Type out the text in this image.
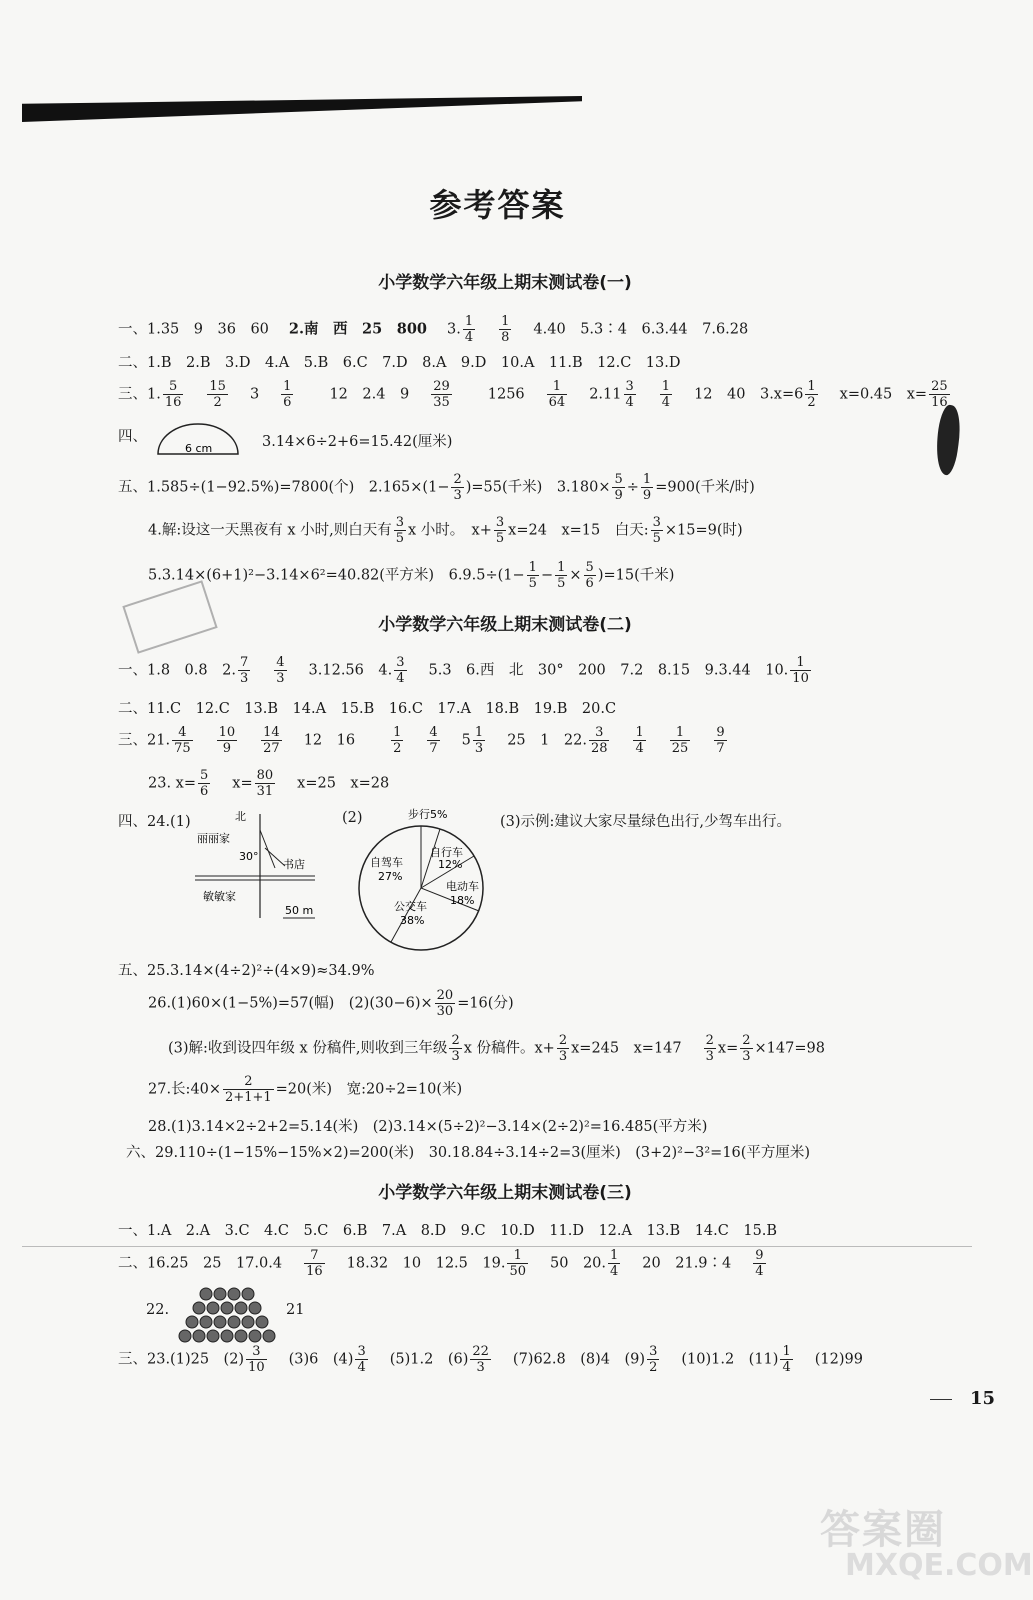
参考答案
小学数学六年级上期末测试卷(一)
一、1.35　9　36　60 2.南　西　25　800 3. $\frac{1}{4} \frac{1}{8} 4.40$　5.3∶4　6.3.44　7.6.28
二、1.B　2.B　3.D　4.A　5.B　6.C　7.D　8.A　9.D　10.A　11.B　12.C　13.D
三、1. $\frac{5}{16} \frac{15}{2} 3 \frac{1}{6} 12$　2.4　$9 \frac{29}{35} 1256 \frac{1}{64} 2.11 \frac{3}{4} \frac{1}{4} 12$　40　$3.x=6 \frac{1}{2} x=0.45$　$x= \frac{25}{16}$
四、
6 cm	3.14×6÷2+6=15.42(厘米)
五、1.585÷(1−92.5%)=7800(个)　$2.165\times(1- \frac{2}{3} )=55$(千米)　$3.180\times \frac{5}{9} \div \frac{1}{9} =900$(千米/时)
4.解:设这一天黑夜有 x 小时,则白天有 $\frac{3}{5}$ x 小时。　$x+ \frac{3}{5} x=24$　x=15　白天: $\frac{3}{5} \times 15=9$(时)
5.3.14×(6+1)²−3.14×6²=40.82(平方米)　$6.9.5\div(1- \frac{1}{5} - \frac{1}{5} \times \frac{5}{6} )=15$(千米)
小学数学六年级上期末测试卷(二)
一、1.8　0.8　2. $\frac{7}{3} \frac{4}{3} 3.12.56$　4. $\frac{3}{4} 5.3$　6.西　北　30°　200　7.2　8.15　9.3.44　10. $\frac{1}{10}$
二、11.C　12.C　13.B　14.A　15.B　16.C　17.A　18.B　19.B　20.C
三、21. $\frac{4}{75} \frac{10}{9} \frac{14}{27} 12$　16	$\frac{1}{2} \frac{4}{7} 5 \frac{1}{3} 25$　1　22. $\frac{3}{28} \frac{1}{4} \frac{1}{25} \frac{9}{7}$
23. $x= \frac{5}{6} x= \frac{80}{31} x=25$　x=28
四、24.(1)	北
丽丽家
30°
书店
敏敏家
50 m
(2)	步行5%
自行车
12%
自驾车
27%
电动车
18%
公交车
38%
(3)示例:建议大家尽量绿色出行,少驾车出行。
五、25.3.14×(4÷2)²÷(4×9)≈34.9%
26.(1)60×(1−5%)=57(幅)　$(2)(30-6)\times \frac{20}{30} =16$(分)
(3)解:收到设四年级 x 份稿件,则收到三年级 $\frac{2}{3}$ x 份稿件。$x+ \frac{2}{3} x=245$　$x=147 \frac{2}{3} x= \frac{2}{3} \times 147=98$
27.长:40× $\frac{2}{2+1+1} =20$(米)　宽:20÷2=10(米)
28.(1)3.14×2÷2+2=5.14(米)　(2)3.14×(5÷2)²−3.14×(2÷2)²=16.485(平方米)
六、29.110÷(1−15%−15%×2)=200(米)　30.18.84÷3.14÷2=3(厘米)　(3+2)²−3²=16(平方厘米)
小学数学六年级上期末测试卷(三)
一、1.A　2.A　3.C　4.C　5.C　6.B　7.A　8.D　9.C　10.D　11.D　12.A　13.B　14.C　15.B
二、16.25　25　$17.0.4 \frac{7}{16} 18.32$　10　12.5　19. $\frac{1}{50} 50$　20. $\frac{1}{4} 20$　21.9∶4 $\frac{9}{4}$
22.	21
三、23.(1)25　$(2) \frac{3}{10} (3)6$　$(4) \frac{3}{4} (5)1.2$　$(6) \frac{22}{3} (7)62.8$　(8)4　$(9) \frac{3}{2} (10)1.2$　$(11) \frac{1}{4} (12)99$
15
答案圈
MXQE.COM
